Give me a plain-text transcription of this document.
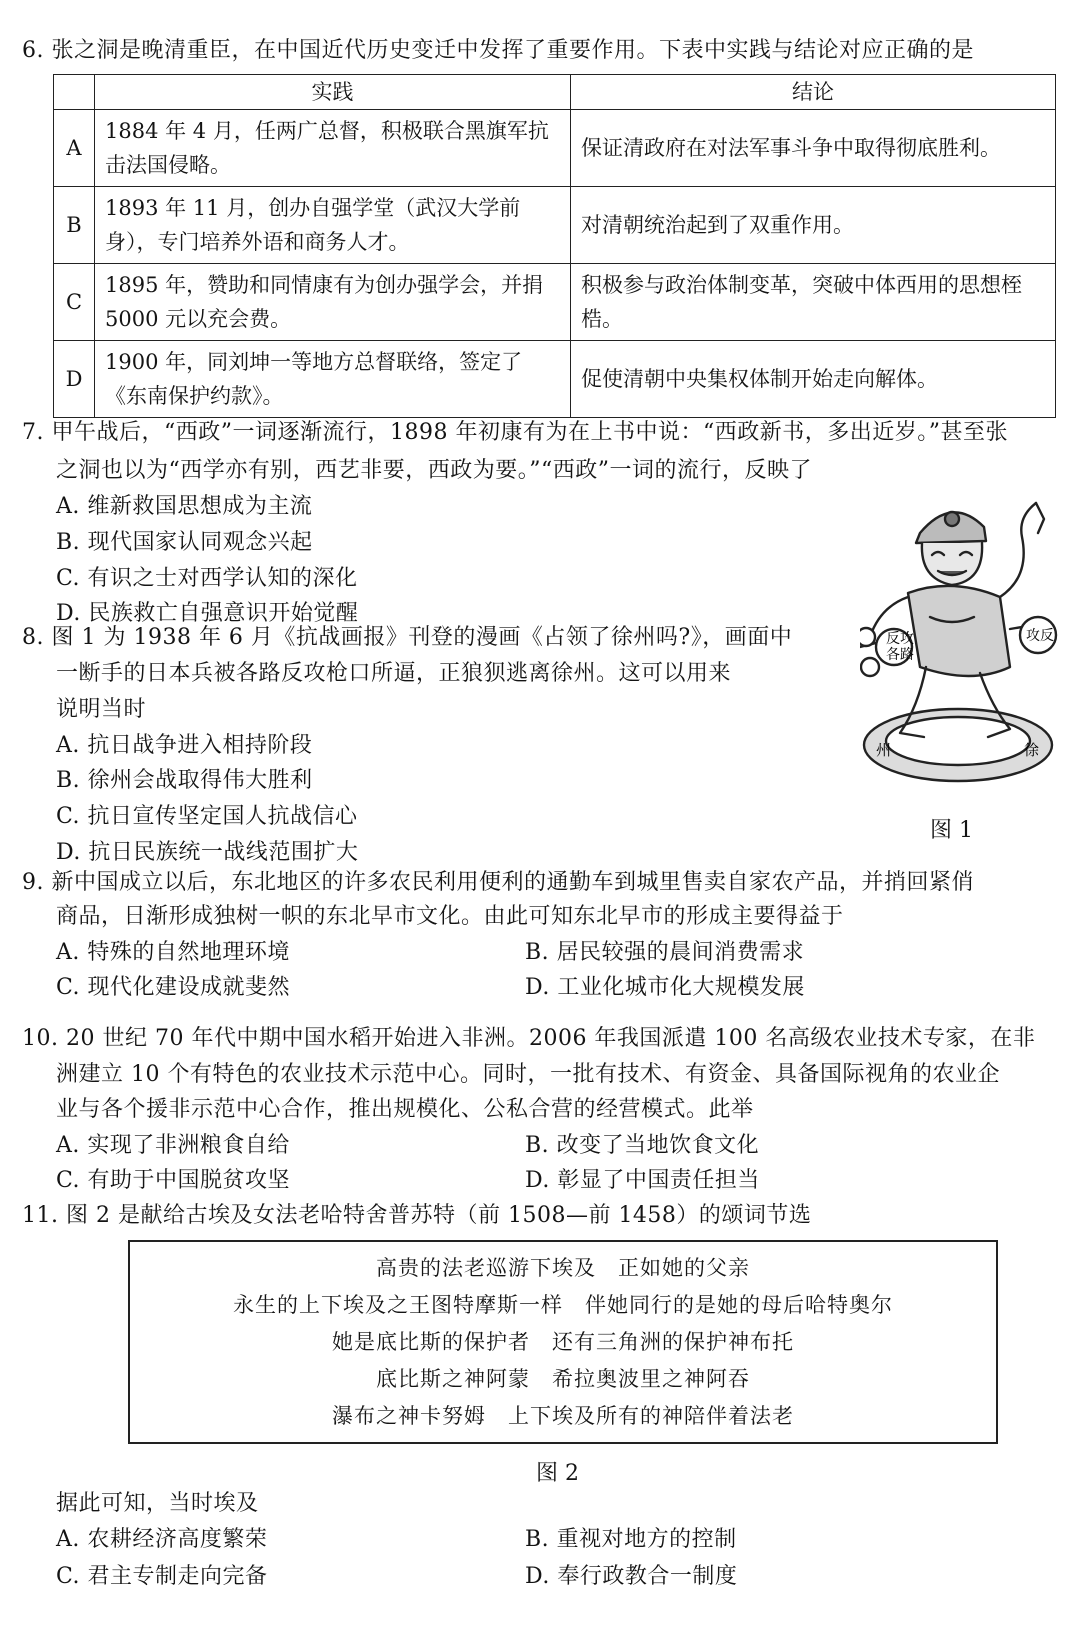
6. 张之洞是晚清重臣，在中国近代历史变迁中发挥了重要作用。下表中实践与结论对应正确的是
	实践	结论
A	1884 年 4 月，任两广总督，积极联合黑旗军抗击法国侵略。	保证清政府在对法军事斗争中取得彻底胜利。
B	1893 年 11 月，创办自强学堂（武汉大学前身），专门培养外语和商务人才。	对清朝统治起到了双重作用。
C	1895 年，赞助和同情康有为创办强学会，并捐 5000 元以充会费。	积极参与政治体制变革，突破中体西用的思想桎梏。
D	1900 年，同刘坤一等地方总督联络，签定了《东南保护约款》。	促使清朝中央集权体制开始走向解体。
7. 甲午战后，“西政”一词逐渐流行，1898 年初康有为在上书中说：“西政新书，多出近岁。”甚至张
之洞也以为“西学亦有别，西艺非要，西政为要。”“西政”一词的流行，反映了
A. 维新救国思想成为主流
B. 现代国家认同观念兴起
C. 有识之士对西学认知的深化
D. 民族救亡自强意识开始觉醒
反攻
各路
攻反
州	徐
图 1
8. 图 1 为 1938 年 6 月《抗战画报》刊登的漫画《占领了徐州吗?》，画面中
一断手的日本兵被各路反攻枪口所逼，正狼狈逃离徐州。这可以用来
说明当时
A. 抗日战争进入相持阶段
B. 徐州会战取得伟大胜利
C. 抗日宣传坚定国人抗战信心
D. 抗日民族统一战线范围扩大
9. 新中国成立以后，东北地区的许多农民利用便利的通勤车到城里售卖自家农产品，并捎回紧俏
商品，日渐形成独树一帜的东北早市文化。由此可知东北早市的形成主要得益于
A. 特殊的自然地理环境	B. 居民较强的晨间消费需求
C. 现代化建设成就斐然	D. 工业化城市化大规模发展
10. 20 世纪 70 年代中期中国水稻开始进入非洲。2006 年我国派遣 100 名高级农业技术专家，在非
洲建立 10 个有特色的农业技术示范中心。同时，一批有技术、有资金、具备国际视角的农业企
业与各个援非示范中心合作，推出规模化、公私合营的经营模式。此举
A. 实现了非洲粮食自给	B. 改变了当地饮食文化
C. 有助于中国脱贫攻坚	D. 彰显了中国责任担当
11. 图 2 是献给古埃及女法老哈特舍普苏特（前 1508—前 1458）的颂词节选
高贵的法老巡游下埃及　正如她的父亲
永生的上下埃及之王图特摩斯一样　伴她同行的是她的母后哈特奥尔
她是底比斯的保护者　还有三角洲的保护神布托
底比斯之神阿蒙　希拉奥波里之神阿吞
瀑布之神卡努姆　上下埃及所有的神陪伴着法老
图 2
据此可知，当时埃及
A. 农耕经济高度繁荣	B. 重视对地方的控制
C. 君主专制走向完备	D. 奉行政教合一制度
